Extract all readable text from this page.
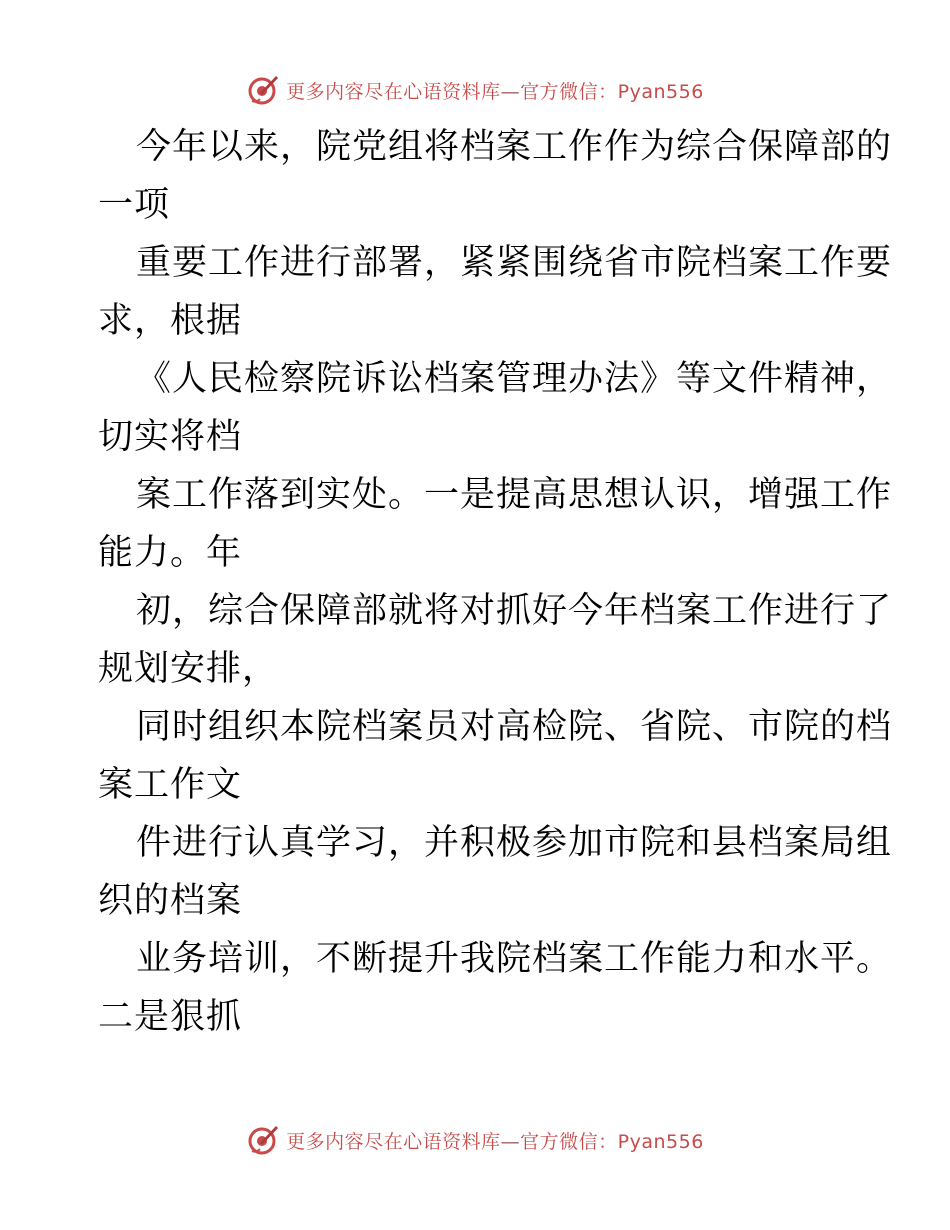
更多内容尽在心语资料库—官方微信：Pyan556
今年以来，院党组将档案工作作为综合保障部的
一项
重要工作进行部署，紧紧围绕省市院档案工作要
求，根据
《人民检察院诉讼档案管理办法》等文件精神，
切实将档
案工作落到实处。一是提高思想认识，增强工作
能力。年
初，综合保障部就将对抓好今年档案工作进行了
规划安排，
同时组织本院档案员对高检院、省院、市院的档
案工作文
件进行认真学习，并积极参加市院和县档案局组
织的档案
业务培训，不断提升我院档案工作能力和水平。
二是狠抓
更多内容尽在心语资料库—官方微信：Pyan556
